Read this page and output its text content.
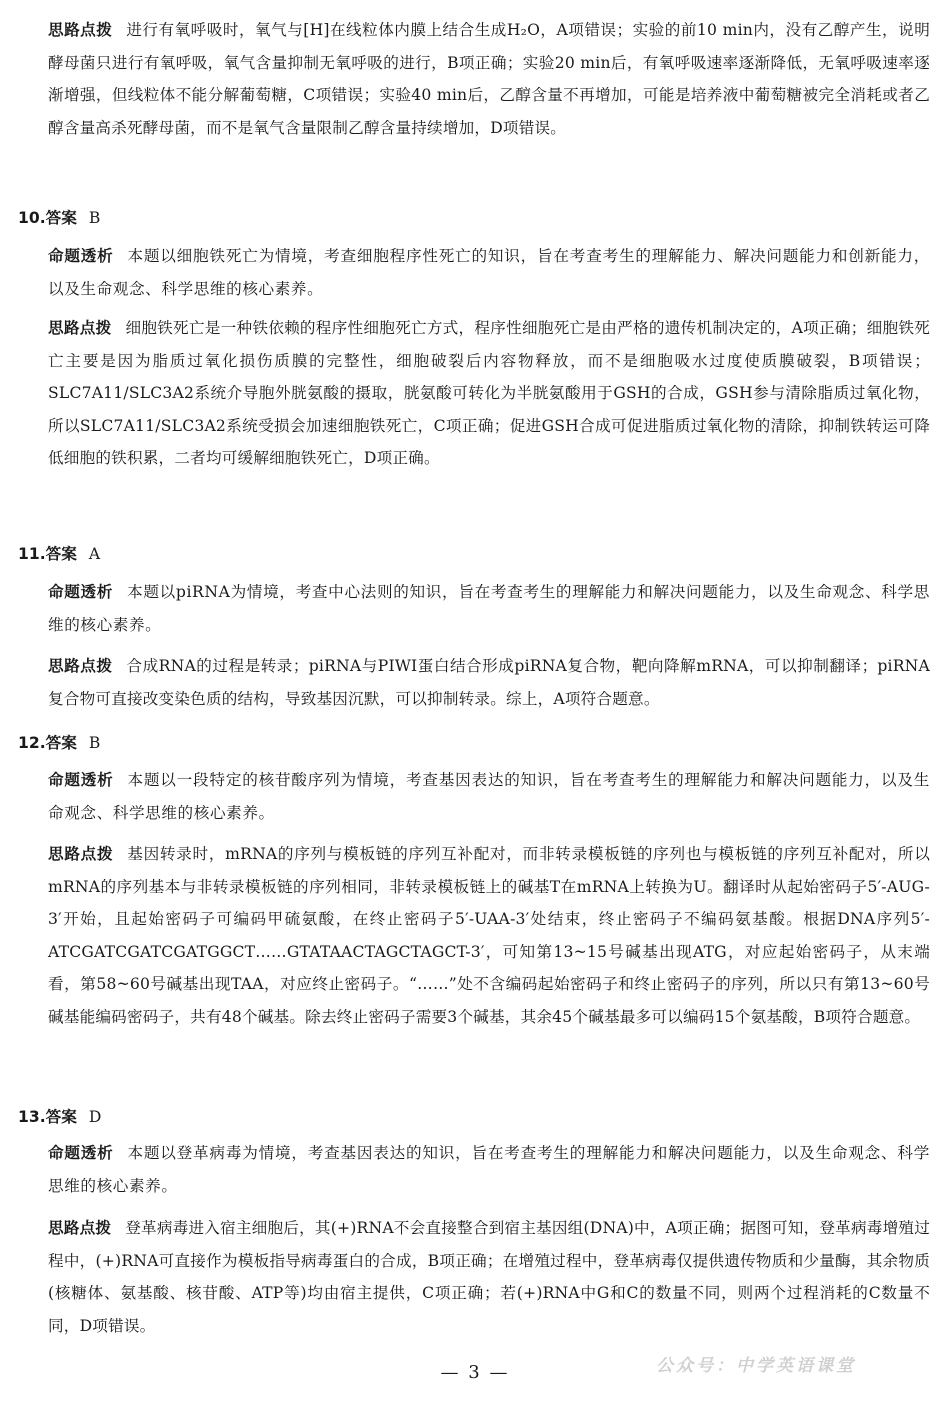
思路点拨 进行有氧呼吸时，氧气与[H]在线粒体内膜上结合生成H₂O，A项错误；实验的前10 min内，没有乙醇产生，说明酵母菌只进行有氧呼吸，氧气含量抑制无氧呼吸的进行，B项正确；实验20 min后，有氧呼吸速率逐渐降低，无氧呼吸速率逐渐增强，但线粒体不能分解葡萄糖，C项错误；实验40 min后，乙醇含量不再增加，可能是培养液中葡萄糖被完全消耗或者乙醇含量高杀死酵母菌，而不是氧气含量限制乙醇含量持续增加，D项错误。
10.答案 B
命题透析 本题以细胞铁死亡为情境，考查细胞程序性死亡的知识，旨在考查考生的理解能力、解决问题能力和创新能力，以及生命观念、科学思维的核心素养。
思路点拨 细胞铁死亡是一种铁依赖的程序性细胞死亡方式，程序性细胞死亡是由严格的遗传机制决定的，A项正确；细胞铁死亡主要是因为脂质过氧化损伤质膜的完整性，细胞破裂后内容物释放，而不是细胞吸水过度使质膜破裂，B项错误；SLC7A11/SLC3A2系统介导胞外胱氨酸的摄取，胱氨酸可转化为半胱氨酸用于GSH的合成，GSH参与清除脂质过氧化物，所以SLC7A11/SLC3A2系统受损会加速细胞铁死亡，C项正确；促进GSH合成可促进脂质过氧化物的清除，抑制铁转运可降低细胞的铁积累，二者均可缓解细胞铁死亡，D项正确。
11.答案 A
命题透析 本题以piRNA为情境，考查中心法则的知识，旨在考查考生的理解能力和解决问题能力，以及生命观念、科学思维的核心素养。
思路点拨 合成RNA的过程是转录；piRNA与PIWI蛋白结合形成piRNA复合物，靶向降解mRNA，可以抑制翻译；piRNA复合物可直接改变染色质的结构，导致基因沉默，可以抑制转录。综上，A项符合题意。
12.答案 B
命题透析 本题以一段特定的核苷酸序列为情境，考查基因表达的知识，旨在考查考生的理解能力和解决问题能力，以及生命观念、科学思维的核心素养。
思路点拨 基因转录时，mRNA的序列与模板链的序列互补配对，而非转录模板链的序列也与模板链的序列互补配对，所以mRNA的序列基本与非转录模板链的序列相同，非转录模板链上的碱基T在mRNA上转换为U。翻译时从起始密码子5′-AUG-3′开始，且起始密码子可编码甲硫氨酸，在终止密码子5′-UAA-3′处结束，终止密码子不编码氨基酸。根据DNA序列5′-ATCGATCGATCGATGGCT……GTATAACTAGCTAGCT-3′，可知第13~15号碱基出现ATG，对应起始密码子，从末端看，第58~60号碱基出现TAA，对应终止密码子。“……”处不含编码起始密码子和终止密码子的序列，所以只有第13~60号碱基能编码密码子，共有48个碱基。除去终止密码子需要3个碱基，其余45个碱基最多可以编码15个氨基酸，B项符合题意。
13.答案 D
命题透析 本题以登革病毒为情境，考查基因表达的知识，旨在考查考生的理解能力和解决问题能力，以及生命观念、科学思维的核心素养。
思路点拨 登革病毒进入宿主细胞后，其(+)RNA不会直接整合到宿主基因组(DNA)中，A项正确；据图可知，登革病毒增殖过程中，(+)RNA可直接作为模板指导病毒蛋白的合成，B项正确；在增殖过程中，登革病毒仅提供遗传物质和少量酶，其余物质(核糖体、氨基酸、核苷酸、ATP等)均由宿主提供，C项正确；若(+)RNA中G和C的数量不同，则两个过程消耗的C数量不同，D项错误。
— 3 —	公众号：中学英语课堂
